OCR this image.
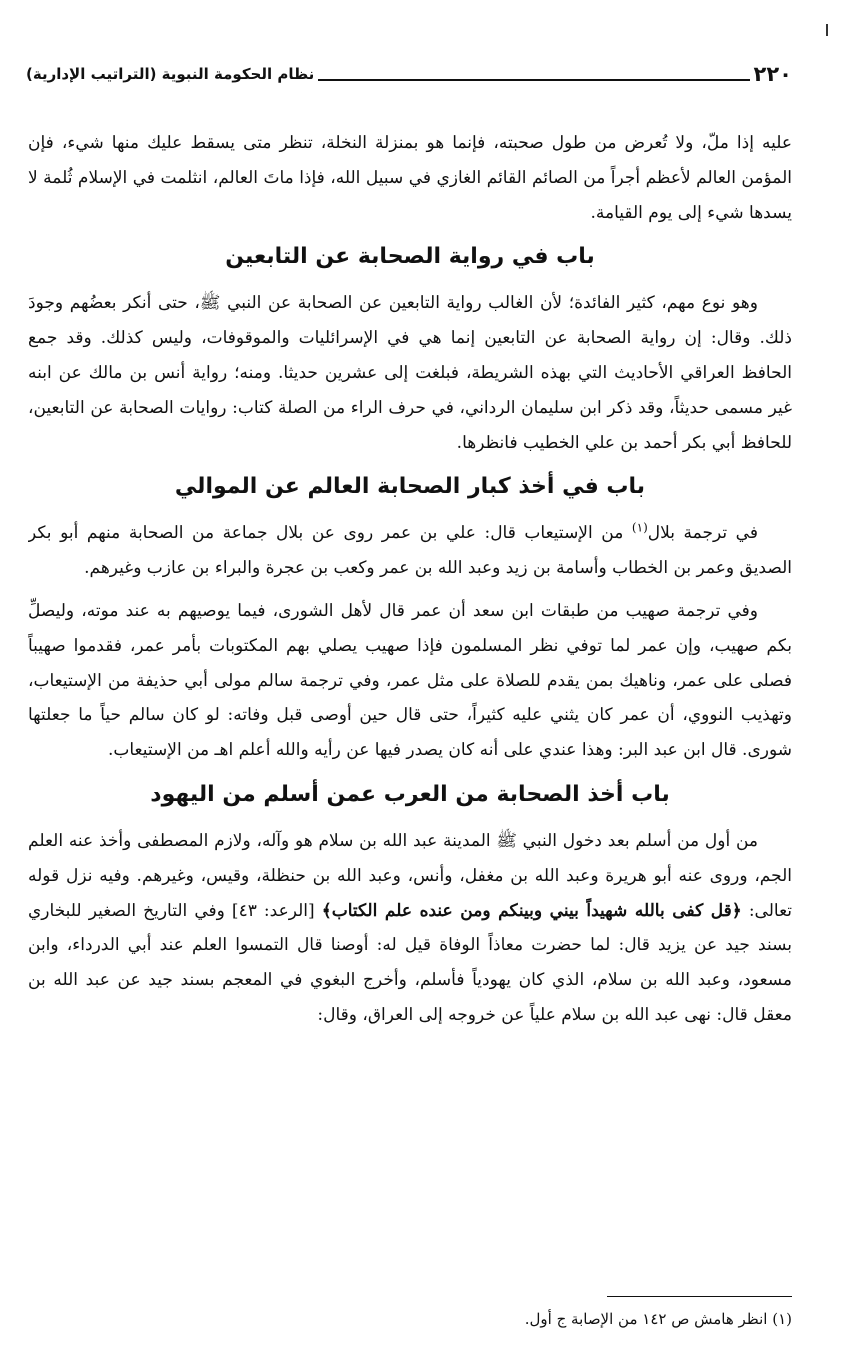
٢٢٠
نظام الحكومة النبوية (التراتيب الإدارية)

عليه إذا ملّ، ولا تُعرض من طول صحبته، فإنما هو بمنزلة النخلة، تنظر متى يسقط عليك منها شيء، فإن المؤمن العالم لأعظم أجراً من الصائم القائم الغازي في سبيل الله، فإذا ماتَ العالم، انثلمت في الإسلام ثُلمة لا يسدها شيء إلى يوم القيامة.

باب في رواية الصحابة عن التابعين

وهو نوع مهم، كثير الفائدة؛ لأن الغالب رواية التابعين عن الصحابة عن النبي ﷺ، حتى أنكر بعضُهم وجودَ ذلك. وقال: إن رواية الصحابة عن التابعين إنما هي في الإسرائليات والموقوفات، وليس كذلك. وقد جمع الحافظ العراقي الأحاديث التي بهذه الشريطة، فبلغت إلى عشرين حديثا. ومنه؛ رواية أنس بن مالك عن ابنه غير مسمى حديثاً، وقد ذكر ابن سليمان الرداني، في حرف الراء من الصلة كتاب: روايات الصحابة عن التابعين، للحافظ أبي بكر أحمد بن علي الخطيب فانظرها.

باب في أخذ كبار الصحابة العالم عن الموالي

في ترجمة بلال$^{(١)}$ من الإستيعاب قال: علي بن عمر روى عن بلال جماعة من الصحابة منهم أبو بكر الصديق وعمر بن الخطاب وأسامة بن زيد وعبد الله بن عمر وكعب بن عجرة والبراء بن عازب وغيرهم.

وفي ترجمة صهيب من طبقات ابن سعد أن عمر قال لأهل الشورى، فيما يوصيهم به عند موته، وليصلِّ بكم صهيب، وإن عمر لما توفي نظر المسلمون فإذا صهيب يصلي بهم المكتوبات بأمر عمر، فقدموا صهيباً فصلى على عمر، وناهيك بمن يقدم للصلاة على مثل عمر، وفي ترجمة سالم مولى أبي حذيفة من الإستيعاب، وتهذيب النووي، أن عمر كان يثني عليه كثيراً، حتى قال حين أوصى قبل وفاته: لو كان سالم حياً ما جعلتها شورى. قال ابن عبد البر: وهذا عندي على أنه كان يصدر فيها عن رأيه والله أعلم اهـ من الإستيعاب.

باب أخذ الصحابة من العرب عمن أسلم من اليهود

من أول من أسلم بعد دخول النبي ﷺ المدينة عبد الله بن سلام هو وآله، ولازم المصطفى وأخذ عنه العلم الجم، وروى عنه أبو هريرة وعبد الله بن مغفل، وأنس، وعبد الله بن حنظلة، وقيس، وغيرهم. وفيه نزل قوله تعالى: ﴿قل كفى بالله شهيداً بيني وبينكم ومن عنده علم الكتاب﴾ [الرعد: ٤٣] وفي التاريخ الصغير للبخاري بسند جيد عن يزيد قال: لما حضرت معاذاً الوفاة قيل له: أوصنا قال التمسوا العلم عند أبي الدرداء، وابن مسعود، وعبد الله بن سلام، الذي كان يهودياً فأسلم، وأخرج البغوي في المعجم بسند جيد عن عبد الله بن معقل قال: نهى عبد الله بن سلام علياً عن خروجه إلى العراق، وقال:

(١) انظر هامش ص ١٤٢ من الإصابة ج أول.
